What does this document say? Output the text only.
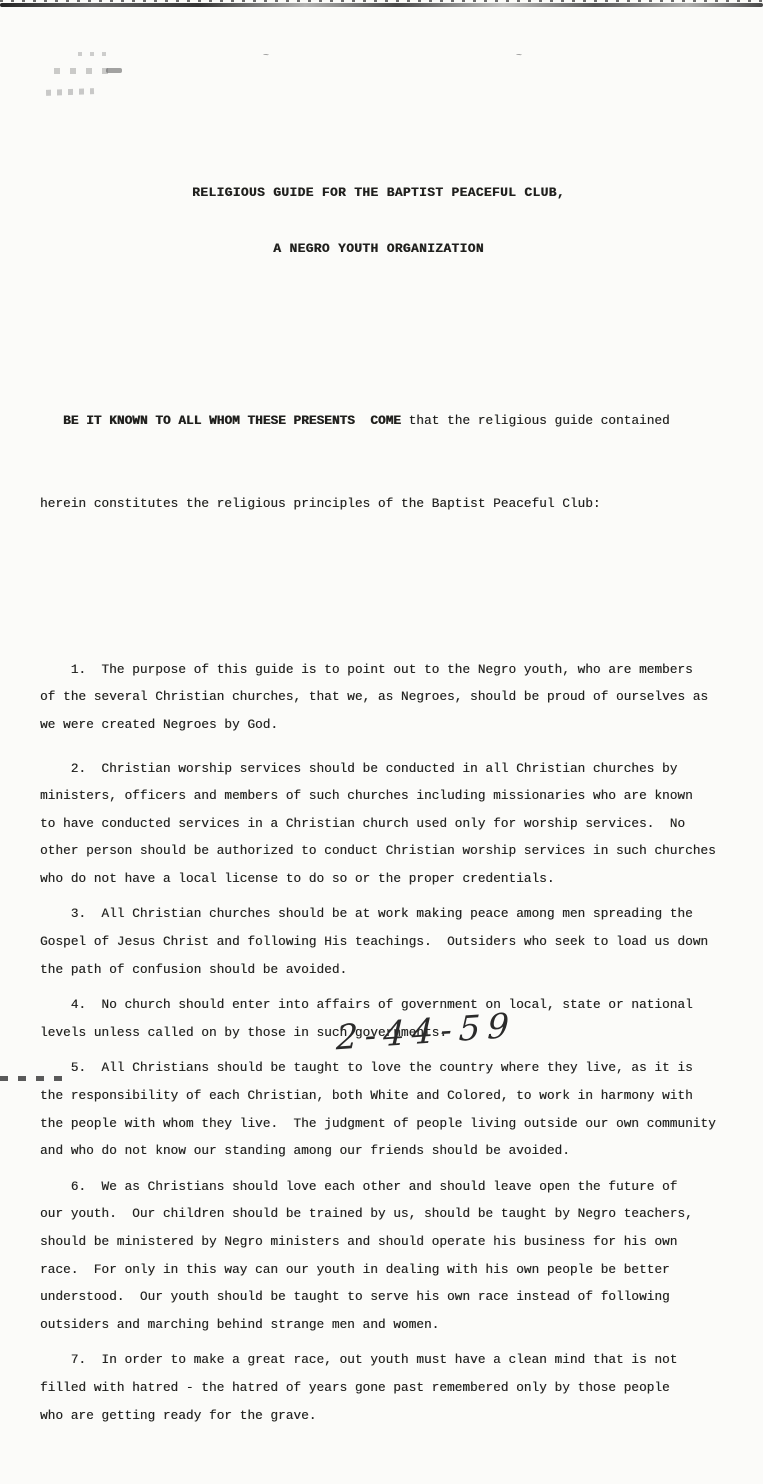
~	~

RELIGIOUS GUIDE FOR THE BAPTIST PEACEFUL CLUB,

A NEGRO YOUTH ORGANIZATION

BE IT KNOWN TO ALL WHOM THESE PRESENTS  COME that the religious guide contained

herein constitutes the religious principles of the Baptist Peaceful Club:

1.  The purpose of this guide is to point out to the Negro youth, who are members
of the several Christian churches, that we, as Negroes, should be proud of ourselves as
we were created Negroes by God.
2.  Christian worship services should be conducted in all Christian churches by
ministers, officers and members of such churches including missionaries who are known
to have conducted services in a Christian church used only for worship services.  No
other person should be authorized to conduct Christian worship services in such churches
who do not have a local license to do so or the proper credentials.
3.  All Christian churches should be at work making peace among men spreading the
Gospel of Jesus Christ and following His teachings.  Outsiders who seek to load us down
the path of confusion should be avoided.
4.  No church should enter into affairs of government on local, state or national
levels unless called on by those in such governments.
5.  All Christians should be taught to love the country where they live, as it is
the responsibility of each Christian, both White and Colored, to work in harmony with
the people with whom they live.  The judgment of people living outside our own community
and who do not know our standing among our friends should be avoided.
6.  We as Christians should love each other and should leave open the future of
our youth.  Our children should be trained by us, should be taught by Negro teachers,
should be ministered by Negro ministers and should operate his business for his own
race.  For only in this way can our youth in dealing with his own people be better
understood.  Our youth should be taught to serve his own race instead of following
outsiders and marching behind strange men and women.
7.  In order to make a great race, out youth must have a clean mind that is not
filled with hatred - the hatred of years gone past remembered only by those people
who are getting ready for the grave.

2-44-59
